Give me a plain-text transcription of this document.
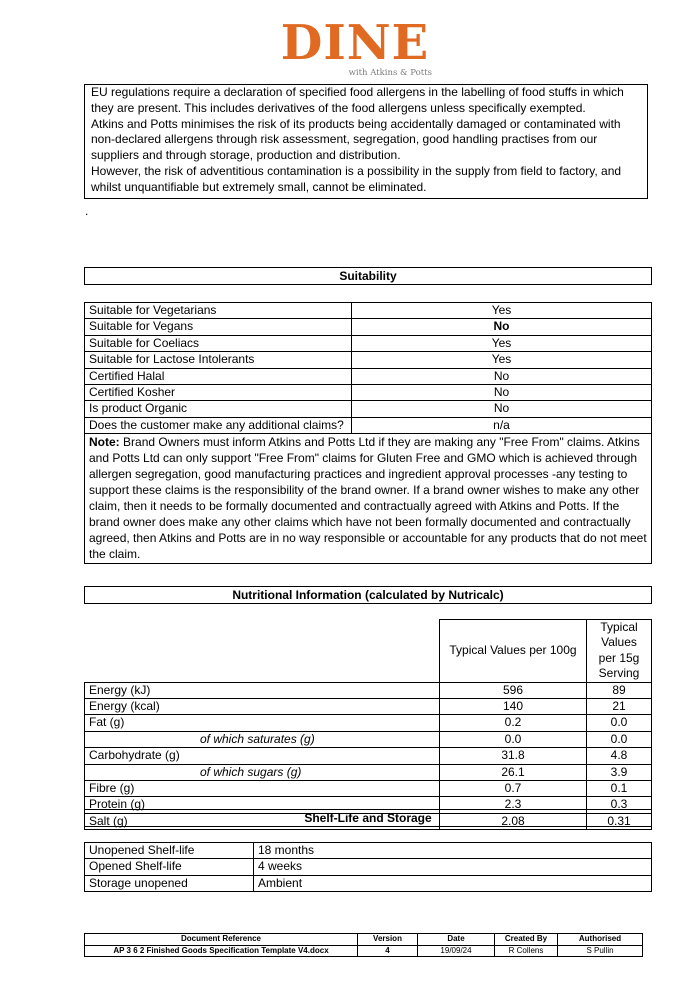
DINE
with Atkins & Potts

EU regulations require a declaration of specified food allergens in the labelling of food stuffs in which they are present. This includes derivatives of the food allergens unless specifically exempted.

Atkins and Potts minimises the risk of its products being accidentally damaged or contaminated with non-declared allergens through risk assessment, segregation, good handling practises from our suppliers and through storage, production and distribution.

However, the risk of adventitious contamination is a possibility in the supply from field to factory, and whilst unquantifiable but extremely small, cannot be eliminated.

.
Suitability
Suitable for Vegetarians	Yes
Suitable for Vegans	No
Suitable for Coeliacs	Yes
Suitable for Lactose Intolerants	Yes
Certified Halal	No
Certified Kosher	No
Is product Organic	No
Does the customer make any additional claims?	n/a
Note: Brand Owners must inform Atkins and Potts Ltd if they are making any "Free From" claims. Atkins and Potts Ltd can only support "Free From" claims for Gluten Free and GMO which is achieved through allergen segregation, good manufacturing practices and ingredient approval processes -any testing to support these claims is the responsibility of the brand owner. If a brand owner wishes to make any other claim, then it needs to be formally documented and contractually agreed with Atkins and Potts. If the brand owner does make any other claims which have not been formally documented and contractually agreed, then Atkins and Potts are in no way responsible or accountable for any products that do not meet the claim.	
Nutritional Information (calculated by Nutricalc)
	Typical Values per 100g	Typical Values per 15g Serving
Energy (kJ)	596	89
Energy (kcal)	140	21
Fat (g)	0.2	0.0
of which saturates (g)	0.0	0.0
Carbohydrate (g)	31.8	4.8
of which sugars (g)	26.1	3.9
Fibre (g)	0.7	0.1
Protein (g)	2.3	0.3
Salt (g)	2.08	0.31
Shelf-Life and Storage
Unopened Shelf-life	18 months
Opened Shelf-life	4 weeks
Storage unopened	Ambient
Document Reference	Version	Date	Created By	Authorised
AP 3 6 2 Finished Goods Specification Template V4.docx	4	19/09/24	R Collens	S Pullin
